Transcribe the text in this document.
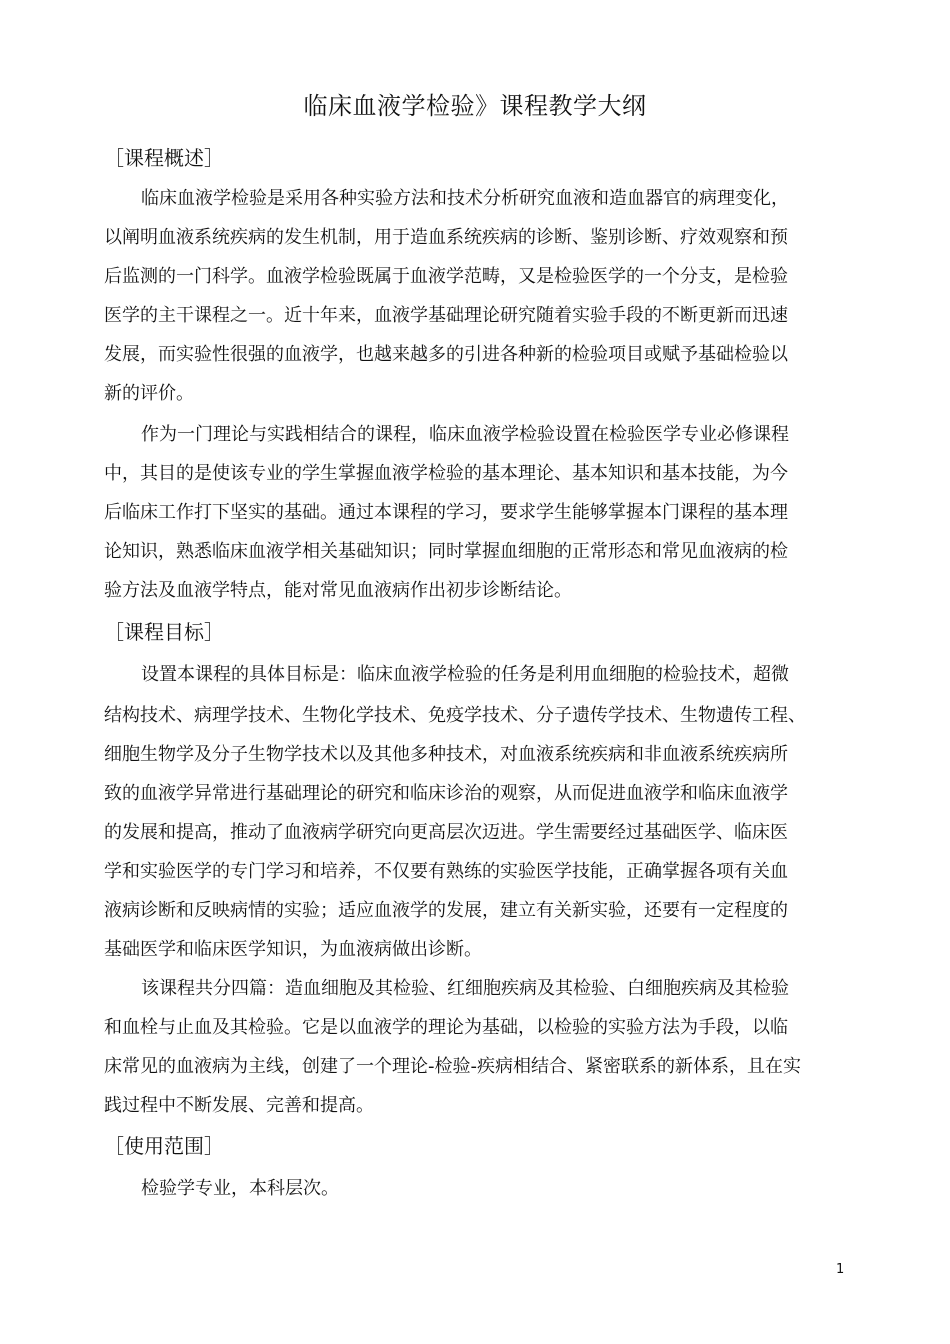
临床血液学检验》课程教学大纲
［课程概述］
临床血液学检验是采用各种实验方法和技术分析研究血液和造血器官的病理变化，
以阐明血液系统疾病的发生机制，用于造血系统疾病的诊断、鉴别诊断、疗效观察和预
后监测的一门科学。血液学检验既属于血液学范畴，又是检验医学的一个分支，是检验
医学的主干课程之一。近十年来，血液学基础理论研究随着实验手段的不断更新而迅速
发展，而实验性很强的血液学，也越来越多的引进各种新的检验项目或赋予基础检验以
新的评价。
作为一门理论与实践相结合的课程，临床血液学检验设置在检验医学专业必修课程
中，其目的是使该专业的学生掌握血液学检验的基本理论、基本知识和基本技能，为今
后临床工作打下坚实的基础。通过本课程的学习，要求学生能够掌握本门课程的基本理
论知识，熟悉临床血液学相关基础知识；同时掌握血细胞的正常形态和常见血液病的检
验方法及血液学特点，能对常见血液病作出初步诊断结论。
［课程目标］
设置本课程的具体目标是：临床血液学检验的任务是利用血细胞的检验技术，超微
结构技术、病理学技术、生物化学技术、免疫学技术、分子遗传学技术、生物遗传工程、
细胞生物学及分子生物学技术以及其他多种技术，对血液系统疾病和非血液系统疾病所
致的血液学异常进行基础理论的研究和临床诊治的观察，从而促进血液学和临床血液学
的发展和提高，推动了血液病学研究向更高层次迈进。学生需要经过基础医学、临床医
学和实验医学的专门学习和培养，不仅要有熟练的实验医学技能，正确掌握各项有关血
液病诊断和反映病情的实验；适应血液学的发展，建立有关新实验，还要有一定程度的
基础医学和临床医学知识，为血液病做出诊断。
该课程共分四篇：造血细胞及其检验、红细胞疾病及其检验、白细胞疾病及其检验
和血栓与止血及其检验。它是以血液学的理论为基础，以检验的实验方法为手段，以临
床常见的血液病为主线，创建了一个理论-检验-疾病相结合、紧密联系的新体系，且在实
践过程中不断发展、完善和提高。
［使用范围］
检验学专业，本科层次。
1
